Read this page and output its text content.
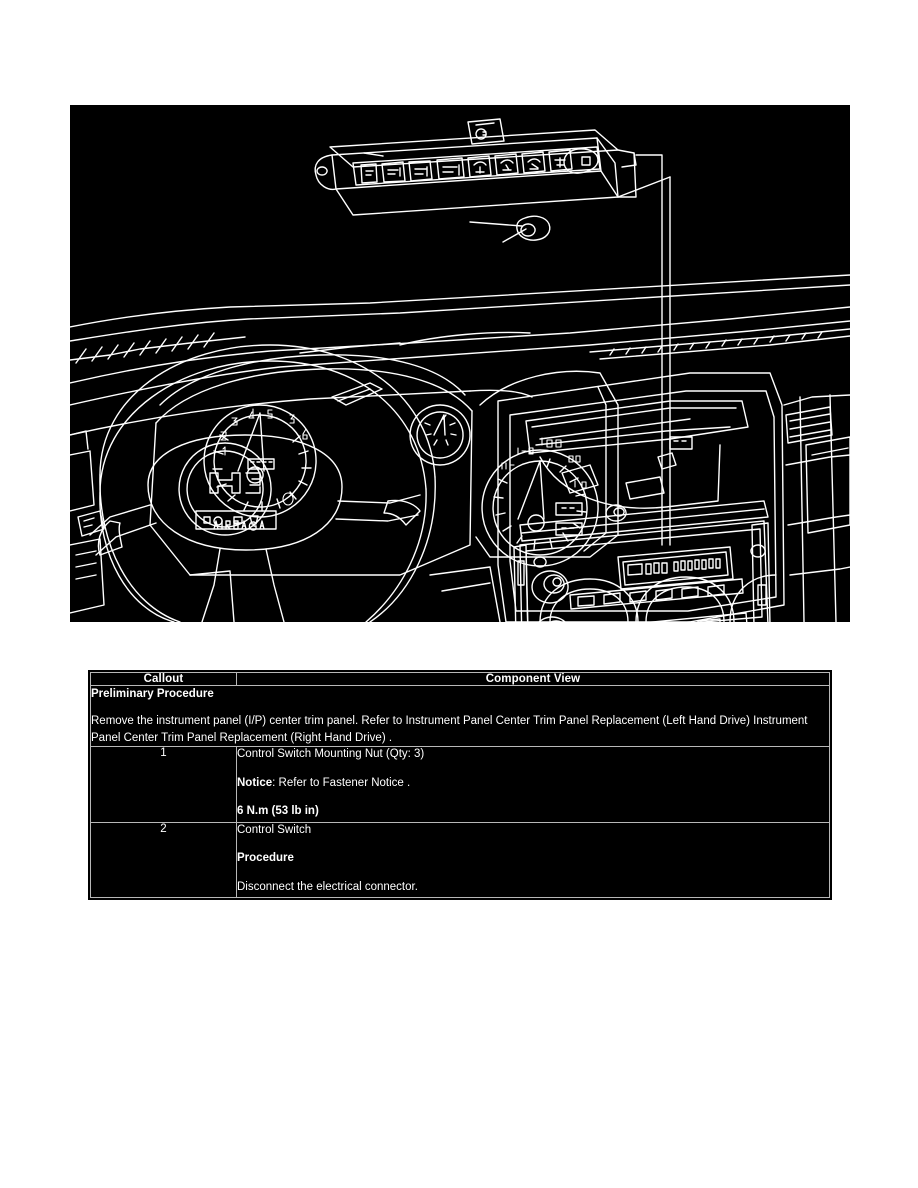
Callout	Component View

Preliminary Procedure
Remove the instrument panel (I/P) center trim panel. Refer to Instrument Panel Center Trim Panel Replacement (Left Hand Drive) Instrument Panel Center Trim Panel Replacement (Right Hand Drive) .	

1	Control Switch Mounting Nut (Qty: 3)
Notice: Refer to Fastener Notice .
6 N.m (53 lb in)

2	Control Switch
Procedure
Disconnect the electrical connector.
